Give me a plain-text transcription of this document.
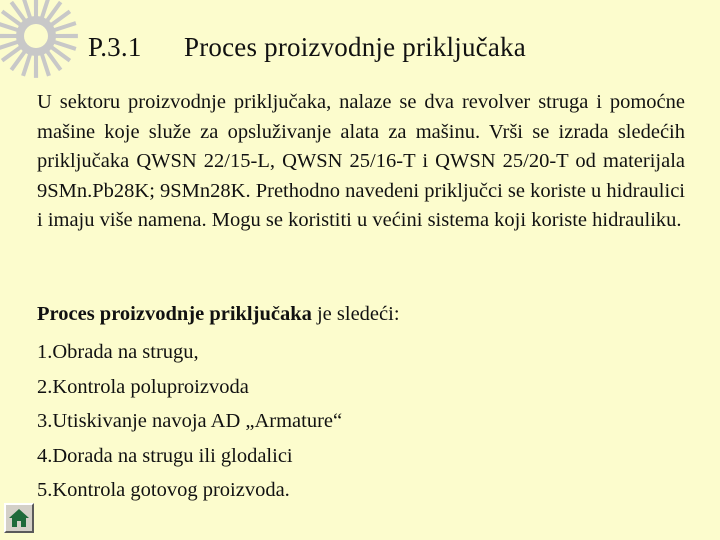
P.3.1 Proces proizvodnje priključaka
U sektoru proizvodnje priključaka, nalaze se dva revolver struga i pomoćne mašine koje služe za opsluživanje alata za mašinu. Vrši se izrada sledećih priključaka QWSN 22/15-L, QWSN 25/16-T i QWSN 25/20-T od materijala 9SMn.Pb28K; 9SMn28K. Prethodno navedeni priključci se koriste u hidraulici i imaju više namena. Mogu se koristiti u većini sistema koji koriste hidrauliku.
Proces proizvodnje priključaka je sledeći:
1.Obrada na strugu,
2.Kontrola poluproizvoda
3.Utiskivanje navoja AD „Armature“
4.Dorada na strugu ili glodalici
5.Kontrola gotovog proizvoda.
